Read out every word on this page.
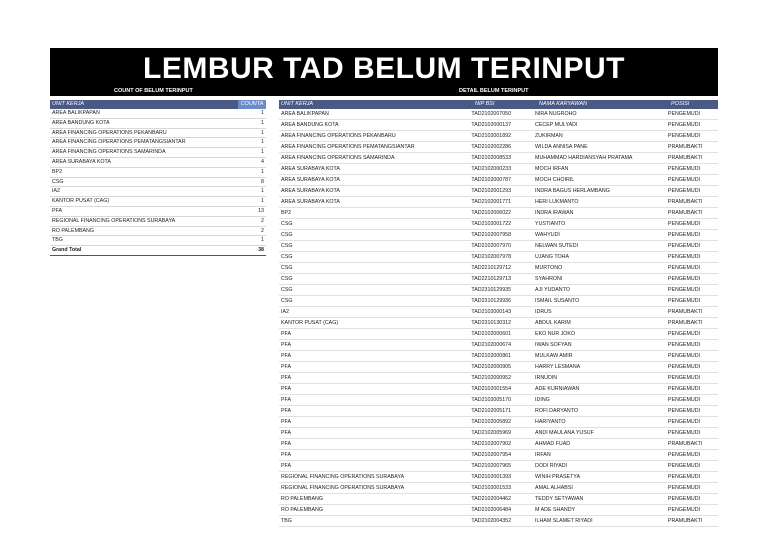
LEMBUR TAD BELUM TERINPUT
COUNT OF BELUM TERINPUT	DETAIL BELUM TERINPUT
UNIT KERJA	COUNTA	UNIT KERJA	NIP BSI	NAMA KARYAWAN	POSISI
AREA BALIKPAPAN	1
AREA BANDUNG KOTA	1
AREA FINANCING OPERATIONS PEKANBARU	1
AREA FINANCING OPERATIONS PEMATANGSIANTAR	1
AREA FINANCING OPERATIONS SAMARINDA	1
AREA SURABAYA KOTA	4
BP2	1
CSG	8
IA2	1
KANTOR PUSAT (CAG)	1
PFA	13
REGIONAL FINANCING OPERATIONS SURABAYA	2
RO PALEMBANG	2
TBG	1
Grand Total	38
AREA BALIKPAPAN	TAD2102007050	NIRA NUGROHO	PENGEMUDI
AREA BANDUNG KOTA	TAD2102000137	CECEP MULYADI	PENGEMUDI
AREA FINANCING OPERATIONS PEKANBARU	TAD2102001892	ZUKIRMAN	PENGEMUDI
AREA FINANCING OPERATIONS PEMATANGSIANTAR	TAD2102002286	WILDA ANNISA PANE	PRAMUBAKTI
AREA FINANCING OPERATIONS SAMARINDA	TAD2102008533	MUHAMMAD HARDIANSYAH PRATAMA	PRAMUBAKTI
AREA SURABAYA KOTA	TAD2102000233	MOCH IRFAN	PENGEMUDI
AREA SURABAYA KOTA	TAD2102000787	MOCH CHOIRIL	PENGEMUDI
AREA SURABAYA KOTA	TAD2102001293	INDRA BAGUS HERLAMBANG	PENGEMUDI
AREA SURABAYA KOTA	TAD2102001771	HERI LUKMANTO	PRAMUBAKTI
BP2	TAD2102006022	INDRA IRAWAN	PRAMUBAKTI
CSG	TAD2102001722	YUSTIANTO	PENGEMUDI
CSG	TAD2102007958	WAHYUDI	PENGEMUDI
CSG	TAD2102007970	NELWAN SUTEDI	PENGEMUDI
CSG	TAD2102007978	UJANG TOHA	PENGEMUDI
CSG	TAD2210129712	MURTONO	PENGEMUDI
CSG	TAD2210129713	SYAHRONI	PENGEMUDI
CSG	TAD2310129935	AJI YUDANTO	PENGEMUDI
CSG	TAD2310129936	ISMAIL SUSANTO	PENGEMUDI
IA2	TAD2102000143	IDRUS	PRAMUBAKTI
KANTOR PUSAT (CAG)	TAD2310130312	ABDUL KARIM	PRAMUBAKTI
PFA	TAD2102000601	EKO NUR JOKO	PENGEMUDI
PFA	TAD2102000674	IWAN SOFYAN	PENGEMUDI
PFA	TAD2102000861	MULKAW AMIR	PENGEMUDI
PFA	TAD2102000905	HARRY LESMANA	PENGEMUDI
PFA	TAD2102000952	IRNUDIN	PENGEMUDI
PFA	TAD2102001554	ADE KURNIAWAN	PENGEMUDI
PFA	TAD2102005170	IDING	PENGEMUDI
PFA	TAD2102005171	ROFI DARYANTO	PENGEMUDI
PFA	TAD2102005892	HARIYANTO	PENGEMUDI
PFA	TAD2102005969	ANDI MAULANA YUSUF	PENGEMUDI
PFA	TAD2102007902	AHMAD FUAD	PRAMUBAKTI
PFA	TAD2102007954	IRFAN	PENGEMUDI
PFA	TAD2102007965	DODI RIYADI	PENGEMUDI
REGIONAL FINANCING OPERATIONS SURABAYA	TAD2102001393	WINIH PRASETYA	PENGEMUDI
REGIONAL FINANCING OPERATIONS SURABAYA	TAD2102001533	AMAL ALHABSI	PENGEMUDI
RO PALEMBANG	TAD2102004462	TEDDY SETYAWAN	PENGEMUDI
RO PALEMBANG	TAD2102006484	M ADE SHANDY	PENGEMUDI
TBG	TAD2102004352	ILHAM SLAMET RIYADI	PRAMUBAKTI
